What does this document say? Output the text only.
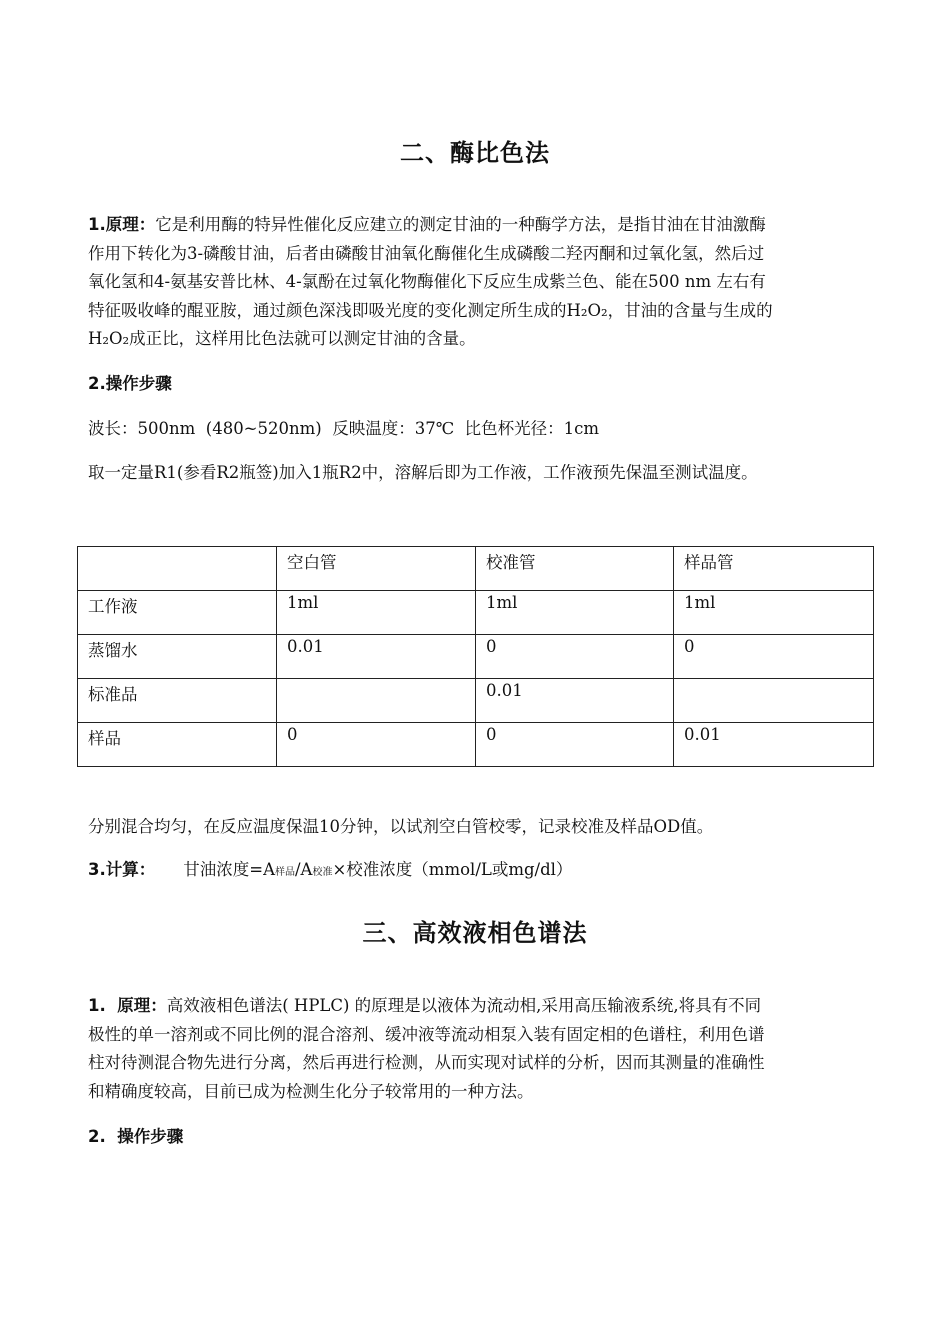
二、酶比色法
1.原理：它是利用酶的特异性催化反应建立的测定甘油的一种酶学方法，是指甘油在甘油激酶
作用下转化为3-磷酸甘油，后者由磷酸甘油氧化酶催化生成磷酸二羟丙酮和过氧化氢，然后过
氧化氢和4-氨基安普比林、4-氯酚在过氧化物酶催化下反应生成紫兰色、能在500 nm 左右有
特征吸收峰的醌亚胺，通过颜色深浅即吸光度的变化测定所生成的H₂O₂，甘油的含量与生成的
H₂O₂成正比，这样用比色法就可以测定甘油的含量。
2.操作步骤
波长：500nm  (480~520nm)  反映温度：37℃  比色杯光径：1cm
取一定量R1(参看R2瓶签)加入1瓶R2中，溶解后即为工作液，工作液预先保温至测试温度。
	空白管	校准管	样品管
工作液	1ml	1ml	1ml
蒸馏水	0.01	0	0
标准品		0.01	
样品	0	0	0.01
分别混合均匀，在反应温度保温10分钟，以试剂空白管校零，记录校准及样品OD值。
3.计算： 甘油浓度=A样品/A校准×校准浓度（mmol/L或mg/dl）
三、高效液相色谱法
1.  原理：高效液相色谱法( HPLC) 的原理是以液体为流动相,采用高压输液系统,将具有不同
极性的单一溶剂或不同比例的混合溶剂、缓冲液等流动相泵入装有固定相的色谱柱，利用色谱
柱对待测混合物先进行分离，然后再进行检测，从而实现对试样的分析，因而其测量的准确性
和精确度较高，目前已成为检测生化分子较常用的一种方法。
2.  操作步骤
